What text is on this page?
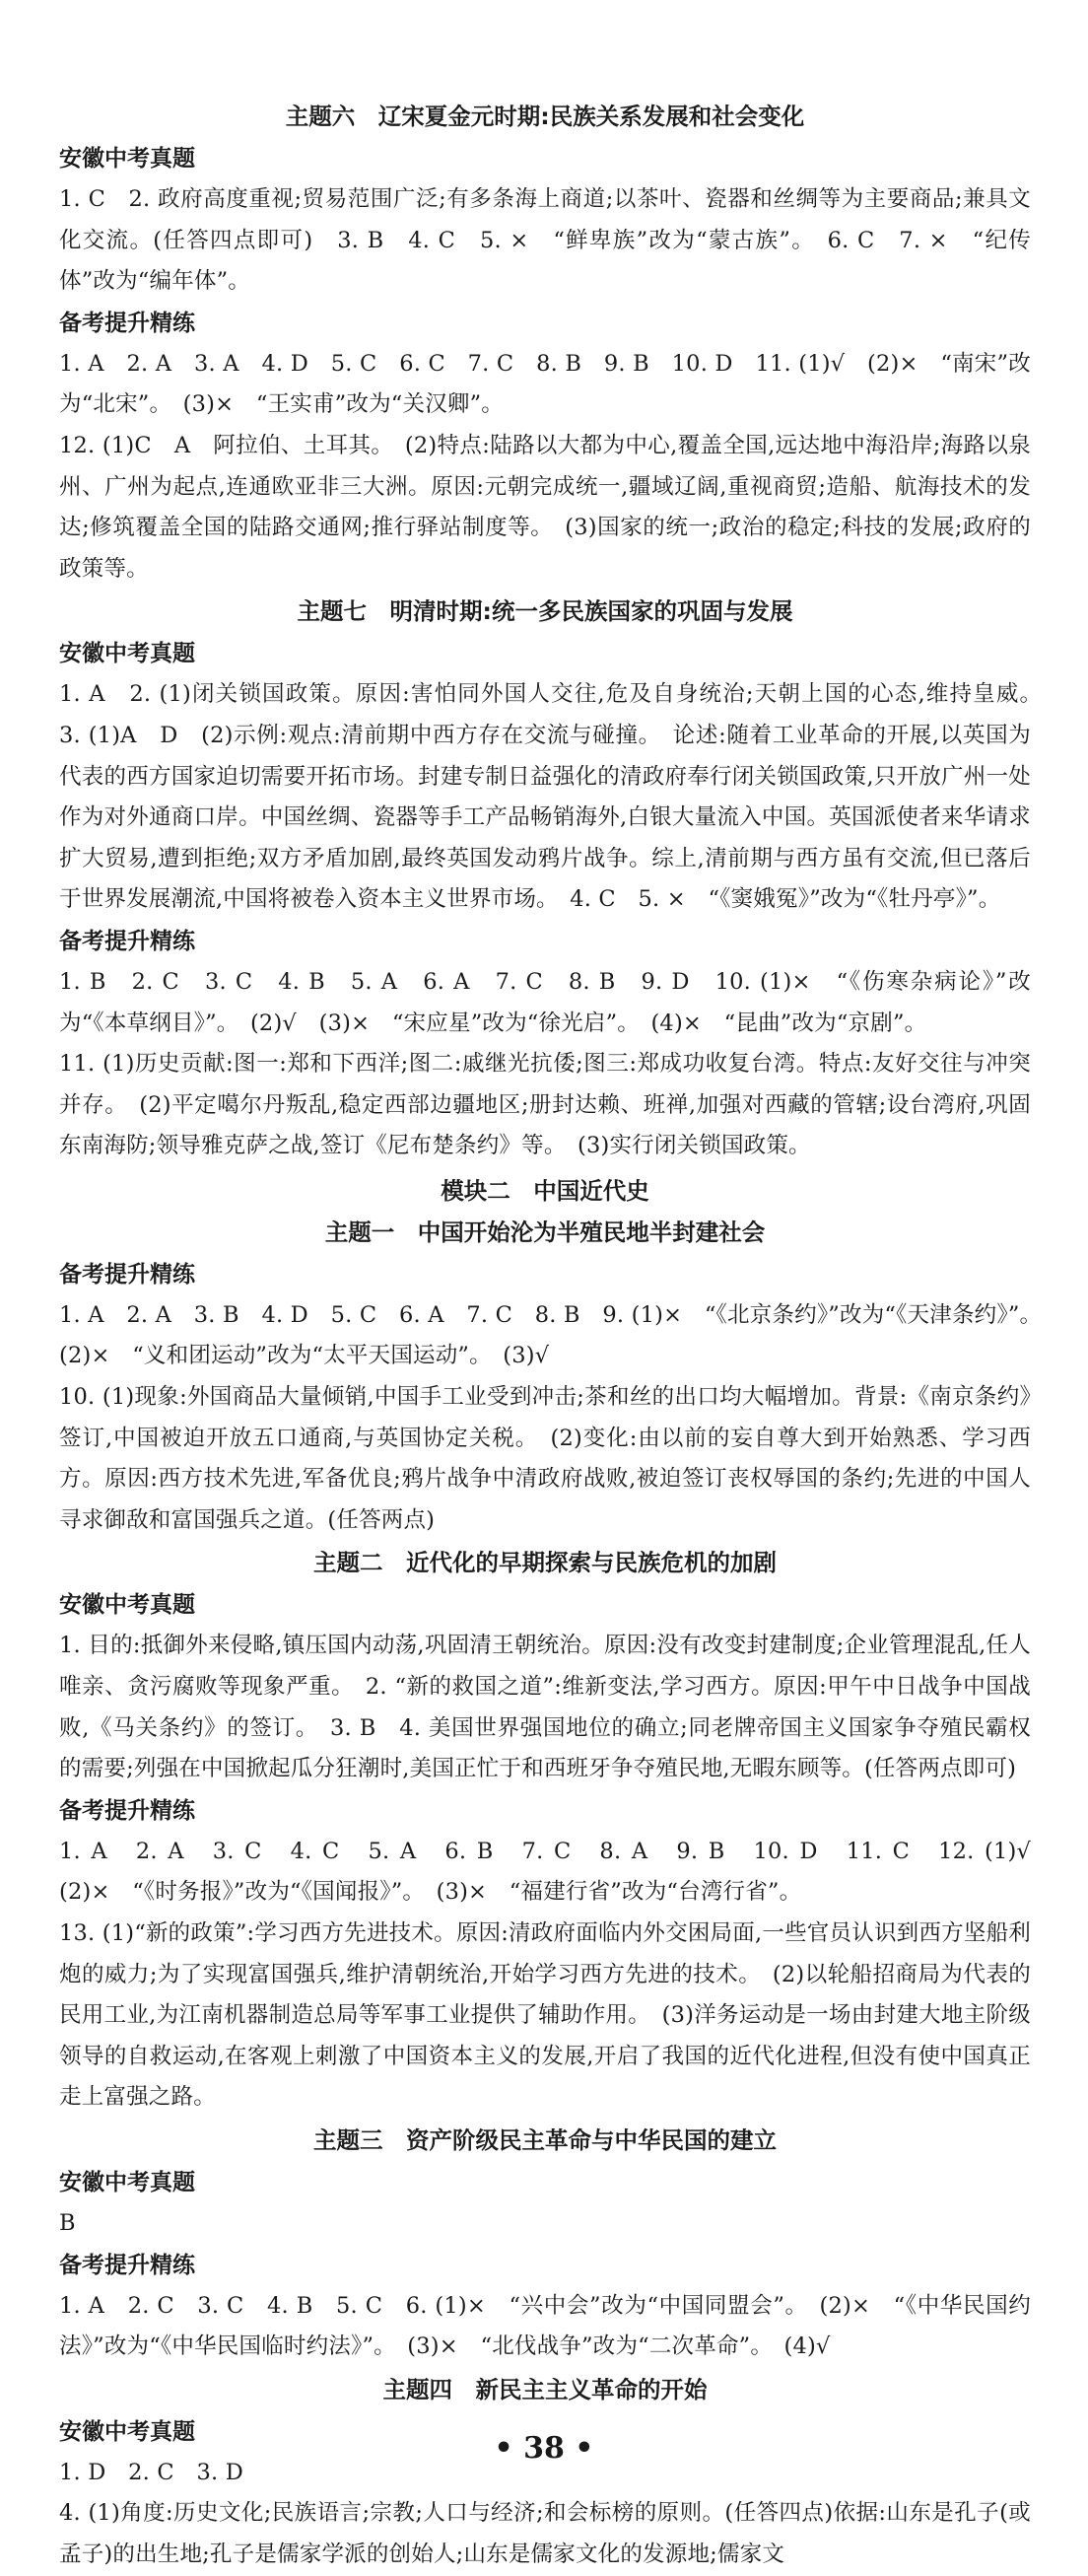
主题六　辽宋夏金元时期:民族关系发展和社会变化
安徽中考真题

1. C　2. 政府高度重视;贸易范围广泛;有多条海上商道;以茶叶、瓷器和丝绸等为主要商品;兼具文化交流。(任答四点即可)　3. B　4. C　5. ×　“鲜卑族”改为“蒙古族”。　6. C　7. ×　“纪传体”改为“编年体”。

备考提升精练

1. A　2. A　3. A　4. D　5. C　6. C　7. C　8. B　9. B　10. D　11. (1)√　(2)×　“南宋”改为“北宋”。　(3)×　“王实甫”改为“关汉卿”。

12. (1)C　A　阿拉伯、土耳其。　(2)特点:陆路以大都为中心,覆盖全国,远达地中海沿岸;海路以泉州、广州为起点,连通欧亚非三大洲。原因:元朝完成统一,疆域辽阔,重视商贸;造船、航海技术的发达;修筑覆盖全国的陆路交通网;推行驿站制度等。　(3)国家的统一;政治的稳定;科技的发展;政府的政策等。

主题七　明清时期:统一多民族国家的巩固与发展
安徽中考真题

1. A　2. (1)闭关锁国政策。原因:害怕同外国人交往,危及自身统治;天朝上国的心态,维持皇威。　3. (1)A　D　(2)示例:观点:清前期中西方存在交流与碰撞。　论述:随着工业革命的开展,以英国为代表的西方国家迫切需要开拓市场。封建专制日益强化的清政府奉行闭关锁国政策,只开放广州一处作为对外通商口岸。中国丝绸、瓷器等手工产品畅销海外,白银大量流入中国。英国派使者来华请求扩大贸易,遭到拒绝;双方矛盾加剧,最终英国发动鸦片战争。综上,清前期与西方虽有交流,但已落后于世界发展潮流,中国将被卷入资本主义世界市场。　4. C　5. ×　“《窦娥冤》”改为“《牡丹亭》”。

备考提升精练

1. B　2. C　3. C　4. B　5. A　6. A　7. C　8. B　9. D　10. (1)×　“《伤寒杂病论》”改为“《本草纲目》”。　(2)√　(3)×　“宋应星”改为“徐光启”。　(4)×　“昆曲”改为“京剧”。

11. (1)历史贡献:图一:郑和下西洋;图二:戚继光抗倭;图三:郑成功收复台湾。特点:友好交往与冲突并存。　(2)平定噶尔丹叛乱,稳定西部边疆地区;册封达赖、班禅,加强对西藏的管辖;设台湾府,巩固东南海防;领导雅克萨之战,签订《尼布楚条约》等。　(3)实行闭关锁国政策。

模块二　中国近代史
主题一　中国开始沦为半殖民地半封建社会
备考提升精练

1. A　2. A　3. B　4. D　5. C　6. A　7. C　8. B　9. (1)×　“《北京条约》”改为“《天津条约》”。　(2)×　“义和团运动”改为“太平天国运动”。　(3)√

10. (1)现象:外国商品大量倾销,中国手工业受到冲击;茶和丝的出口均大幅增加。背景:《南京条约》签订,中国被迫开放五口通商,与英国协定关税。　(2)变化:由以前的妄自尊大到开始熟悉、学习西方。原因:西方技术先进,军备优良;鸦片战争中清政府战败,被迫签订丧权辱国的条约;先进的中国人寻求御敌和富国强兵之道。(任答两点)

主题二　近代化的早期探索与民族危机的加剧
安徽中考真题

1. 目的:抵御外来侵略,镇压国内动荡,巩固清王朝统治。原因:没有改变封建制度;企业管理混乱,任人唯亲、贪污腐败等现象严重。　2. “新的救国之道”:维新变法,学习西方。原因:甲午中日战争中国战败,《马关条约》的签订。　3. B　4. 美国世界强国地位的确立;同老牌帝国主义国家争夺殖民霸权的需要;列强在中国掀起瓜分狂潮时,美国正忙于和西班牙争夺殖民地,无暇东顾等。(任答两点即可)

备考提升精练

1. A　2. A　3. C　4. C　5. A　6. B　7. C　8. A　9. B　10. D　11. C　12. (1)√　(2)×　“《时务报》”改为“《国闻报》”。　(3)×　“福建行省”改为“台湾行省”。

13. (1)“新的政策”:学习西方先进技术。原因:清政府面临内外交困局面,一些官员认识到西方坚船利炮的威力;为了实现富国强兵,维护清朝统治,开始学习西方先进的技术。　(2)以轮船招商局为代表的民用工业,为江南机器制造总局等军事工业提供了辅助作用。　(3)洋务运动是一场由封建大地主阶级领导的自救运动,在客观上刺激了中国资本主义的发展,开启了我国的近代化进程,但没有使中国真正走上富强之路。

主题三　资产阶级民主革命与中华民国的建立
安徽中考真题

B

备考提升精练

1. A　2. C　3. C　4. B　5. C　6. (1)×　“兴中会”改为“中国同盟会”。　(2)×　“《中华民国约法》”改为“《中华民国临时约法》”。　(3)×　“北伐战争”改为“二次革命”。　(4)√

主题四　新民主主义革命的开始
安徽中考真题

1. D　2. C　3. D

4. (1)角度:历史文化;民族语言;宗教;人口与经济;和会标榜的原则。(任答四点)依据:山东是孔子(或孟子)的出生地;孔子是儒家学派的创始人;山东是儒家文化的发源地;儒家文

• 38 •
